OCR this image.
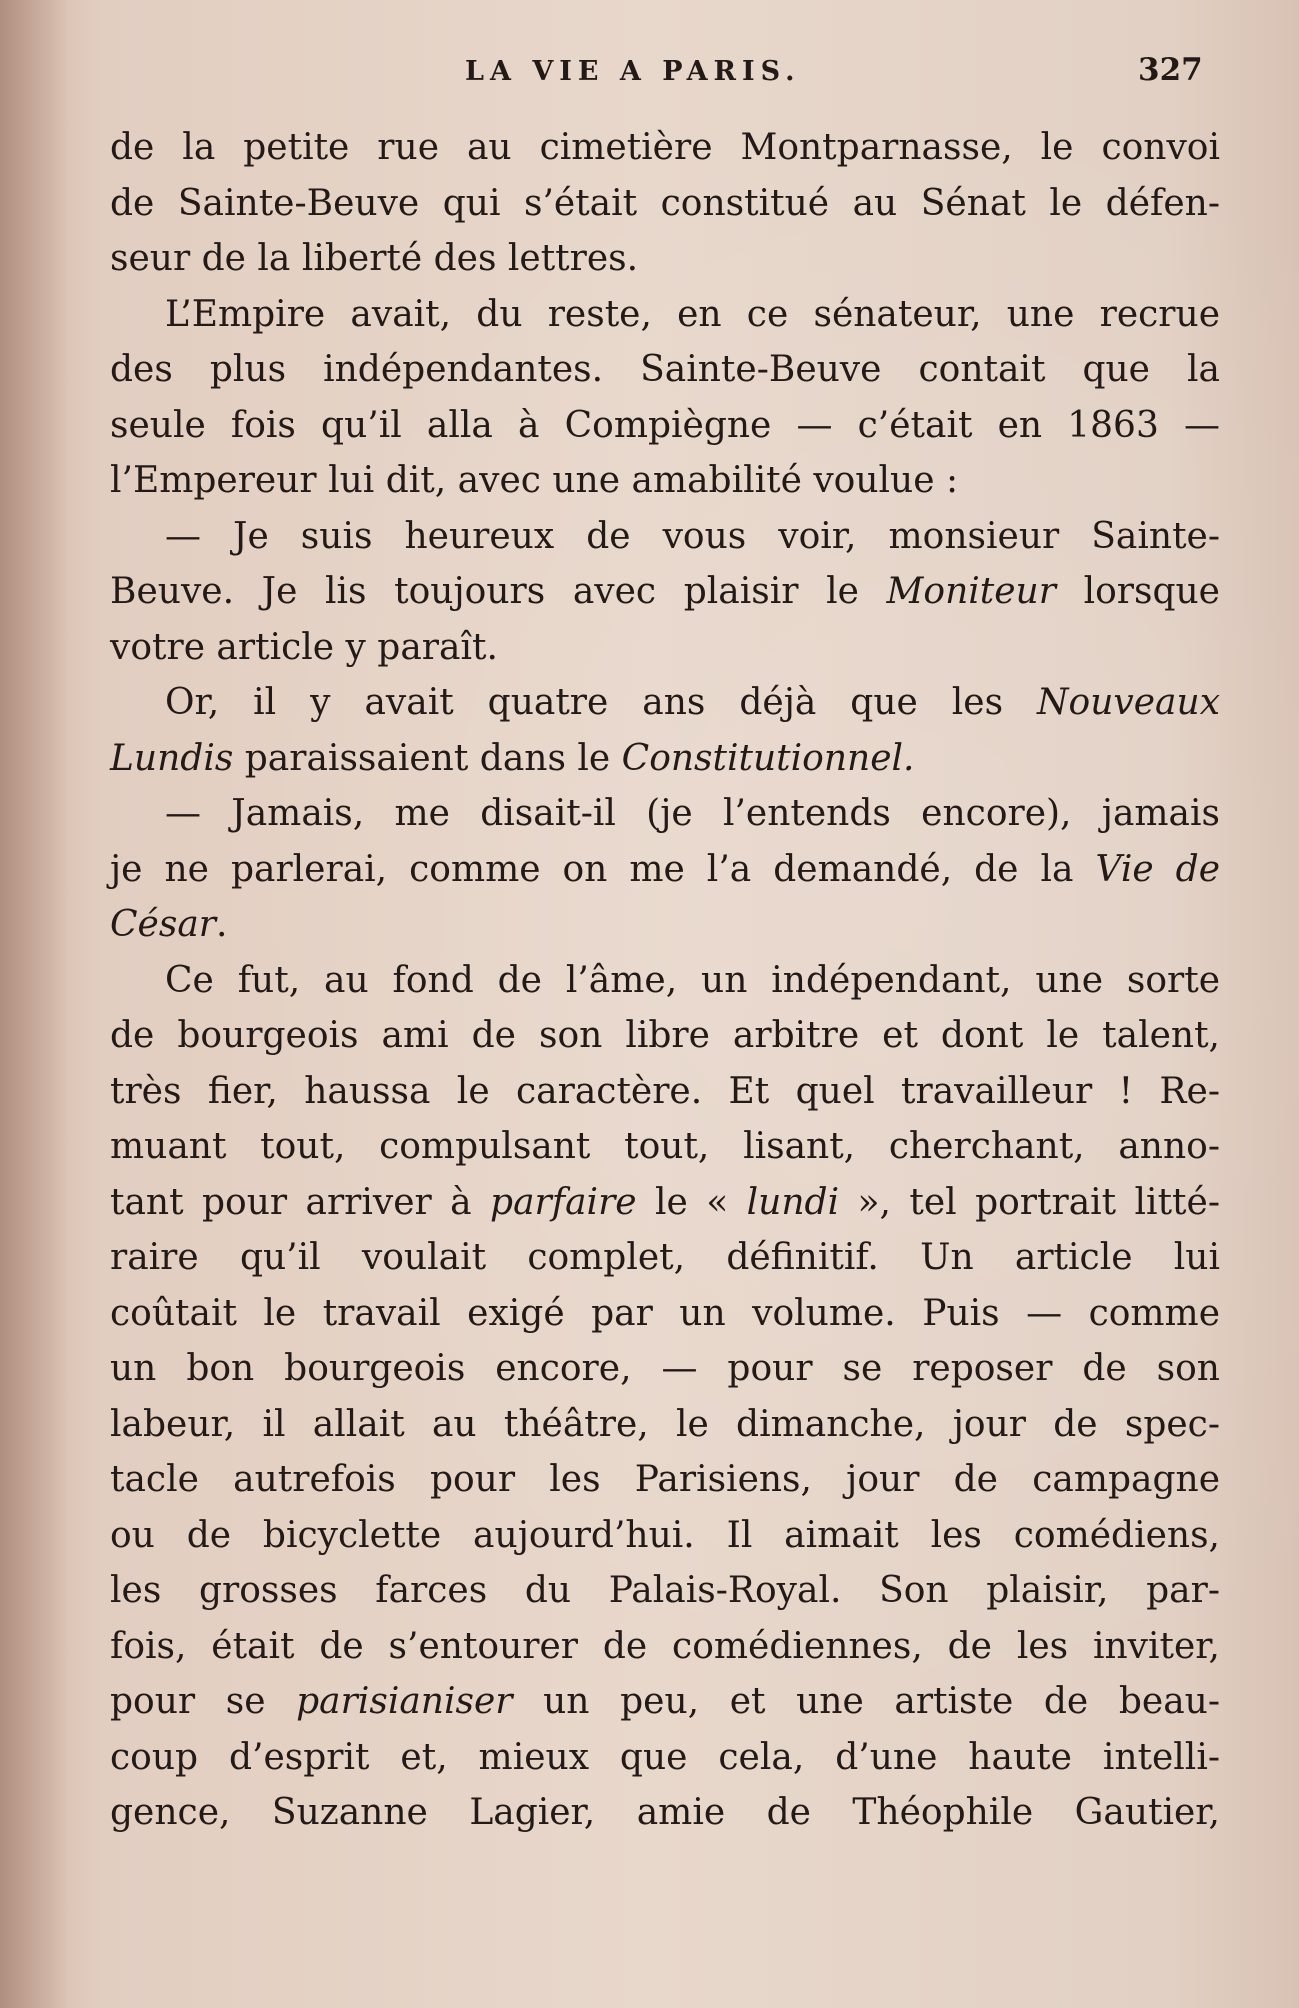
LA VIE A PARIS.	327
de la petite rue au cimetière Montparnasse, le convoi
de Sainte-Beuve qui s’était constitué au Sénat le défen-
seur de la liberté des lettres.
L’Empire avait, du reste, en ce sénateur, une recrue
des plus indépendantes. Sainte-Beuve contait que la
seule fois qu’il alla à Compiègne — c’était en 1863 —
l’Empereur lui dit, avec une amabilité voulue :
— Je suis heureux de vous voir, monsieur Sainte-
Beuve. Je lis toujours avec plaisir le Moniteur lorsque
votre article y paraît.
Or, il y avait quatre ans déjà que les Nouveaux
Lundis paraissaient dans le Constitutionnel.
— Jamais, me disait-il (je l’entends encore), jamais
je ne parlerai, comme on me l’a demandé, de la Vie de
César.
Ce fut, au fond de l’âme, un indépendant, une sorte
de bourgeois ami de son libre arbitre et dont le talent,
très fier, haussa le caractère. Et quel travailleur ! Re-
muant tout, compulsant tout, lisant, cherchant, anno-
tant pour arriver à parfaire le « lundi », tel portrait litté-
raire qu’il voulait complet, définitif. Un article lui
coûtait le travail exigé par un volume. Puis — comme
un bon bourgeois encore, — pour se reposer de son
labeur, il allait au théâtre, le dimanche, jour de spec-
tacle autrefois pour les Parisiens, jour de campagne
ou de bicyclette aujourd’hui. Il aimait les comédiens,
les grosses farces du Palais-Royal. Son plaisir, par-
fois, était de s’entourer de comédiennes, de les inviter,
pour se parisianiser un peu, et une artiste de beau-
coup d’esprit et, mieux que cela, d’une haute intelli-
gence, Suzanne Lagier, amie de Théophile Gautier,
